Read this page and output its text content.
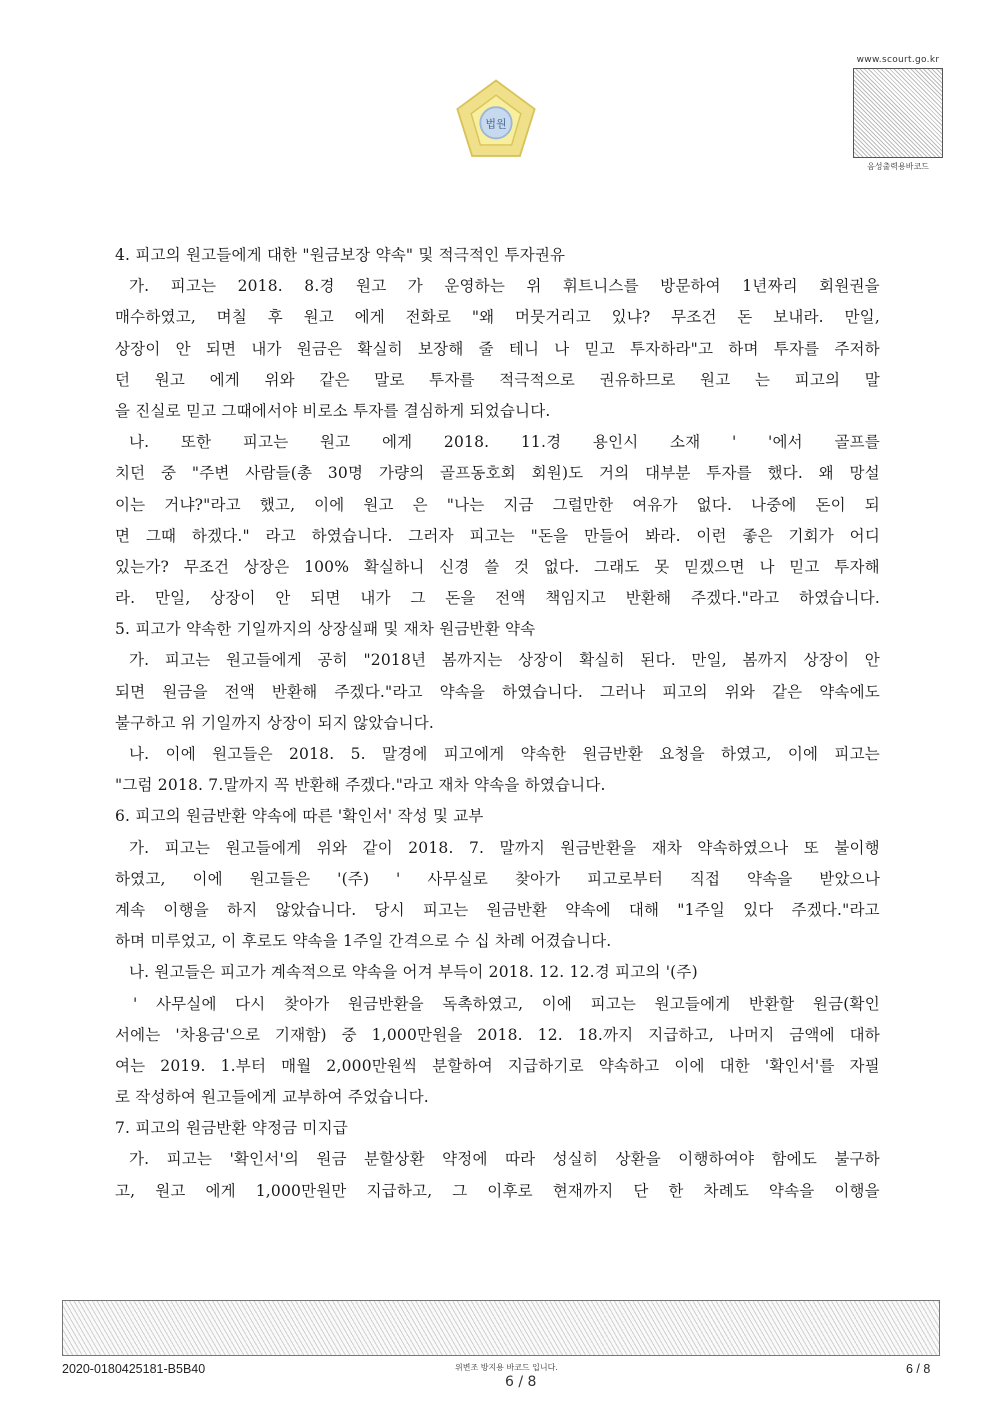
법원
www.scourt.go.kr
음성출력용바코드
4. 피고의 원고들에게 대한 "원금보장 약속" 및 적극적인 투자권유
가. 피고는 2018. 8.경 원고 가 운영하는 위 휘트니스를 방문하여 1년짜리 회원권을
매수하였고, 며칠 후 원고 에게 전화로 "왜 머뭇거리고 있냐? 무조건 돈 보내라. 만일,
상장이 안 되면 내가 원금은 확실히 보장해 줄 테니 나 믿고 투자하라"고 하며 투자를 주저하
던 원고 에게 위와 같은 말로 투자를 적극적으로 권유하므로 원고 는 피고의 말
을 진실로 믿고 그때에서야 비로소 투자를 결심하게 되었습니다.
나. 또한 피고는 원고 에게 2018. 11.경 용인시 소재 ' '에서 골프를
치던 중 "주변 사람들(총 30명 가량의 골프동호회 회원)도 거의 대부분 투자를 했다. 왜 망설
이는 거냐?"라고 했고, 이에 원고 은 "나는 지금 그럴만한 여유가 없다. 나중에 돈이 되
면 그때 하겠다." 라고 하였습니다. 그러자 피고는 "돈을 만들어 봐라. 이런 좋은 기회가 어디
있는가? 무조건 상장은 100% 확실하니 신경 쓸 것 없다. 그래도 못 믿겠으면 나 믿고 투자해
라. 만일, 상장이 안 되면 내가 그 돈을 전액 책임지고 반환해 주겠다."라고 하였습니다.
5. 피고가 약속한 기일까지의 상장실패 및 재차 원금반환 약속
가. 피고는 원고들에게 공히 "2018년 봄까지는 상장이 확실히 된다. 만일, 봄까지 상장이 안
되면 원금을 전액 반환해 주겠다."라고 약속을 하였습니다. 그러나 피고의 위와 같은 약속에도
불구하고 위 기일까지 상장이 되지 않았습니다.
나. 이에 원고들은 2018. 5. 말경에 피고에게 약속한 원금반환 요청을 하였고, 이에 피고는
"그럼 2018. 7.말까지 꼭 반환해 주겠다."라고 재차 약속을 하였습니다.
6. 피고의 원금반환 약속에 따른 '확인서' 작성 및 교부
가. 피고는 원고들에게 위와 같이 2018. 7. 말까지 원금반환을 재차 약속하였으나 또 불이행
하였고, 이에 원고들은 '(주) ' 사무실로 찾아가 피고로부터 직접 약속을 받았으나
계속 이행을 하지 않았습니다. 당시 피고는 원금반환 약속에 대해 "1주일 있다 주겠다."라고
하며 미루었고, 이 후로도 약속을 1주일 간격으로 수 십 차례 어겼습니다.
나. 원고들은 피고가 계속적으로 약속을 어겨 부득이 2018. 12. 12.경 피고의 '(주)
' 사무실에 다시 찾아가 원금반환을 독촉하였고, 이에 피고는 원고들에게 반환할 원금(확인
서에는 '차용금'으로 기재함) 중 1,000만원을 2018. 12. 18.까지 지급하고, 나머지 금액에 대하
여는 2019. 1.부터 매월 2,000만원씩 분할하여 지급하기로 약속하고 이에 대한 '확인서'를 자필
로 작성하여 원고들에게 교부하여 주었습니다.
7. 피고의 원금반환 약정금 미지급
가. 피고는 '확인서'의 원금 분할상환 약정에 따라 성실히 상환을 이행하여야 함에도 불구하
고, 원고 에게 1,000만원만 지급하고, 그 이후로 현재까지 단 한 차례도 약속을 이행을
2020-0180425181-B5B40	위변조 방지용 바코드 입니다.
6 / 8
6 / 8
